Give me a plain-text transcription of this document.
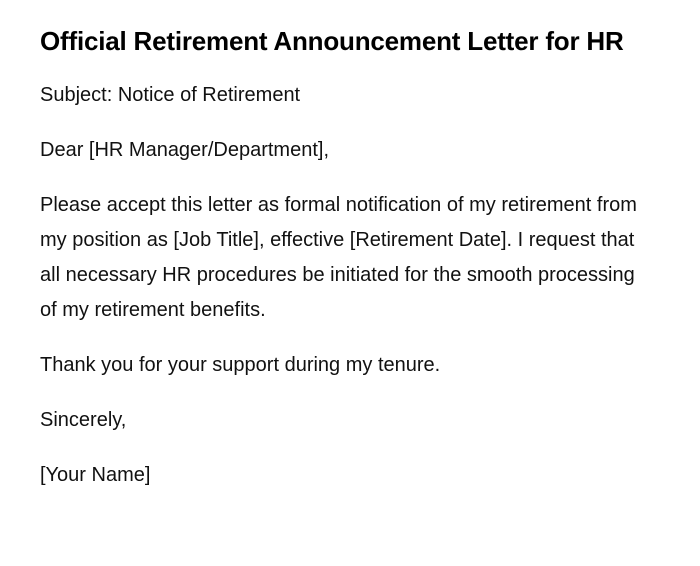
Official Retirement Announcement Letter for HR

Subject: Notice of Retirement

Dear [HR Manager/Department],

Please accept this letter as formal notification of my retirement from my position as [Job Title], effective [Retirement Date]. I request that all necessary HR procedures be initiated for the smooth processing of my retirement benefits.

Thank you for your support during my tenure.

Sincerely,

[Your Name]
